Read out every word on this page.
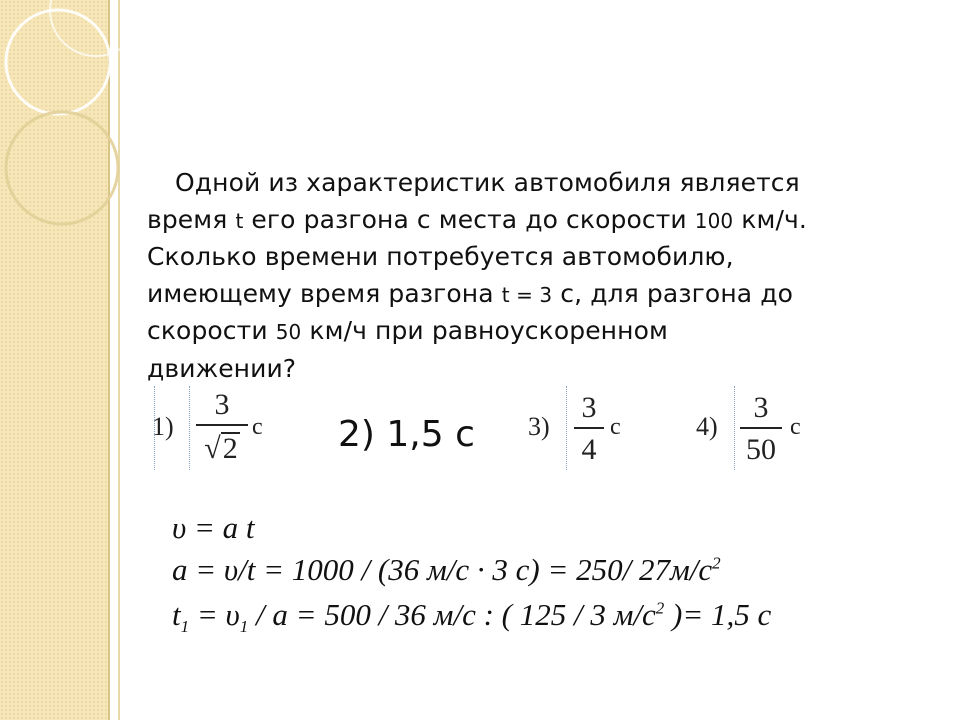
Одной из характеристик автомобиля является
время t его разгона с места до скорости 100 км/ч.
Сколько времени потребуется автомобилю,
имеющему время разгона t = 3 с, для разгона до
скорости 50 км/ч при равноускоренном
движении?
1)
3
√2
с 2) 1,5 с 3)
3
4
с	4)
3
50
с
υ = a t
a = υ/t = 1000 / (36 м/с · 3 с) = 250/ $27м/с^2$
$t_1 = \upsilon_1 / a = 500 / 36$ м/с : ( 125 / 3 $м/с^2$ )= 1,5 с
